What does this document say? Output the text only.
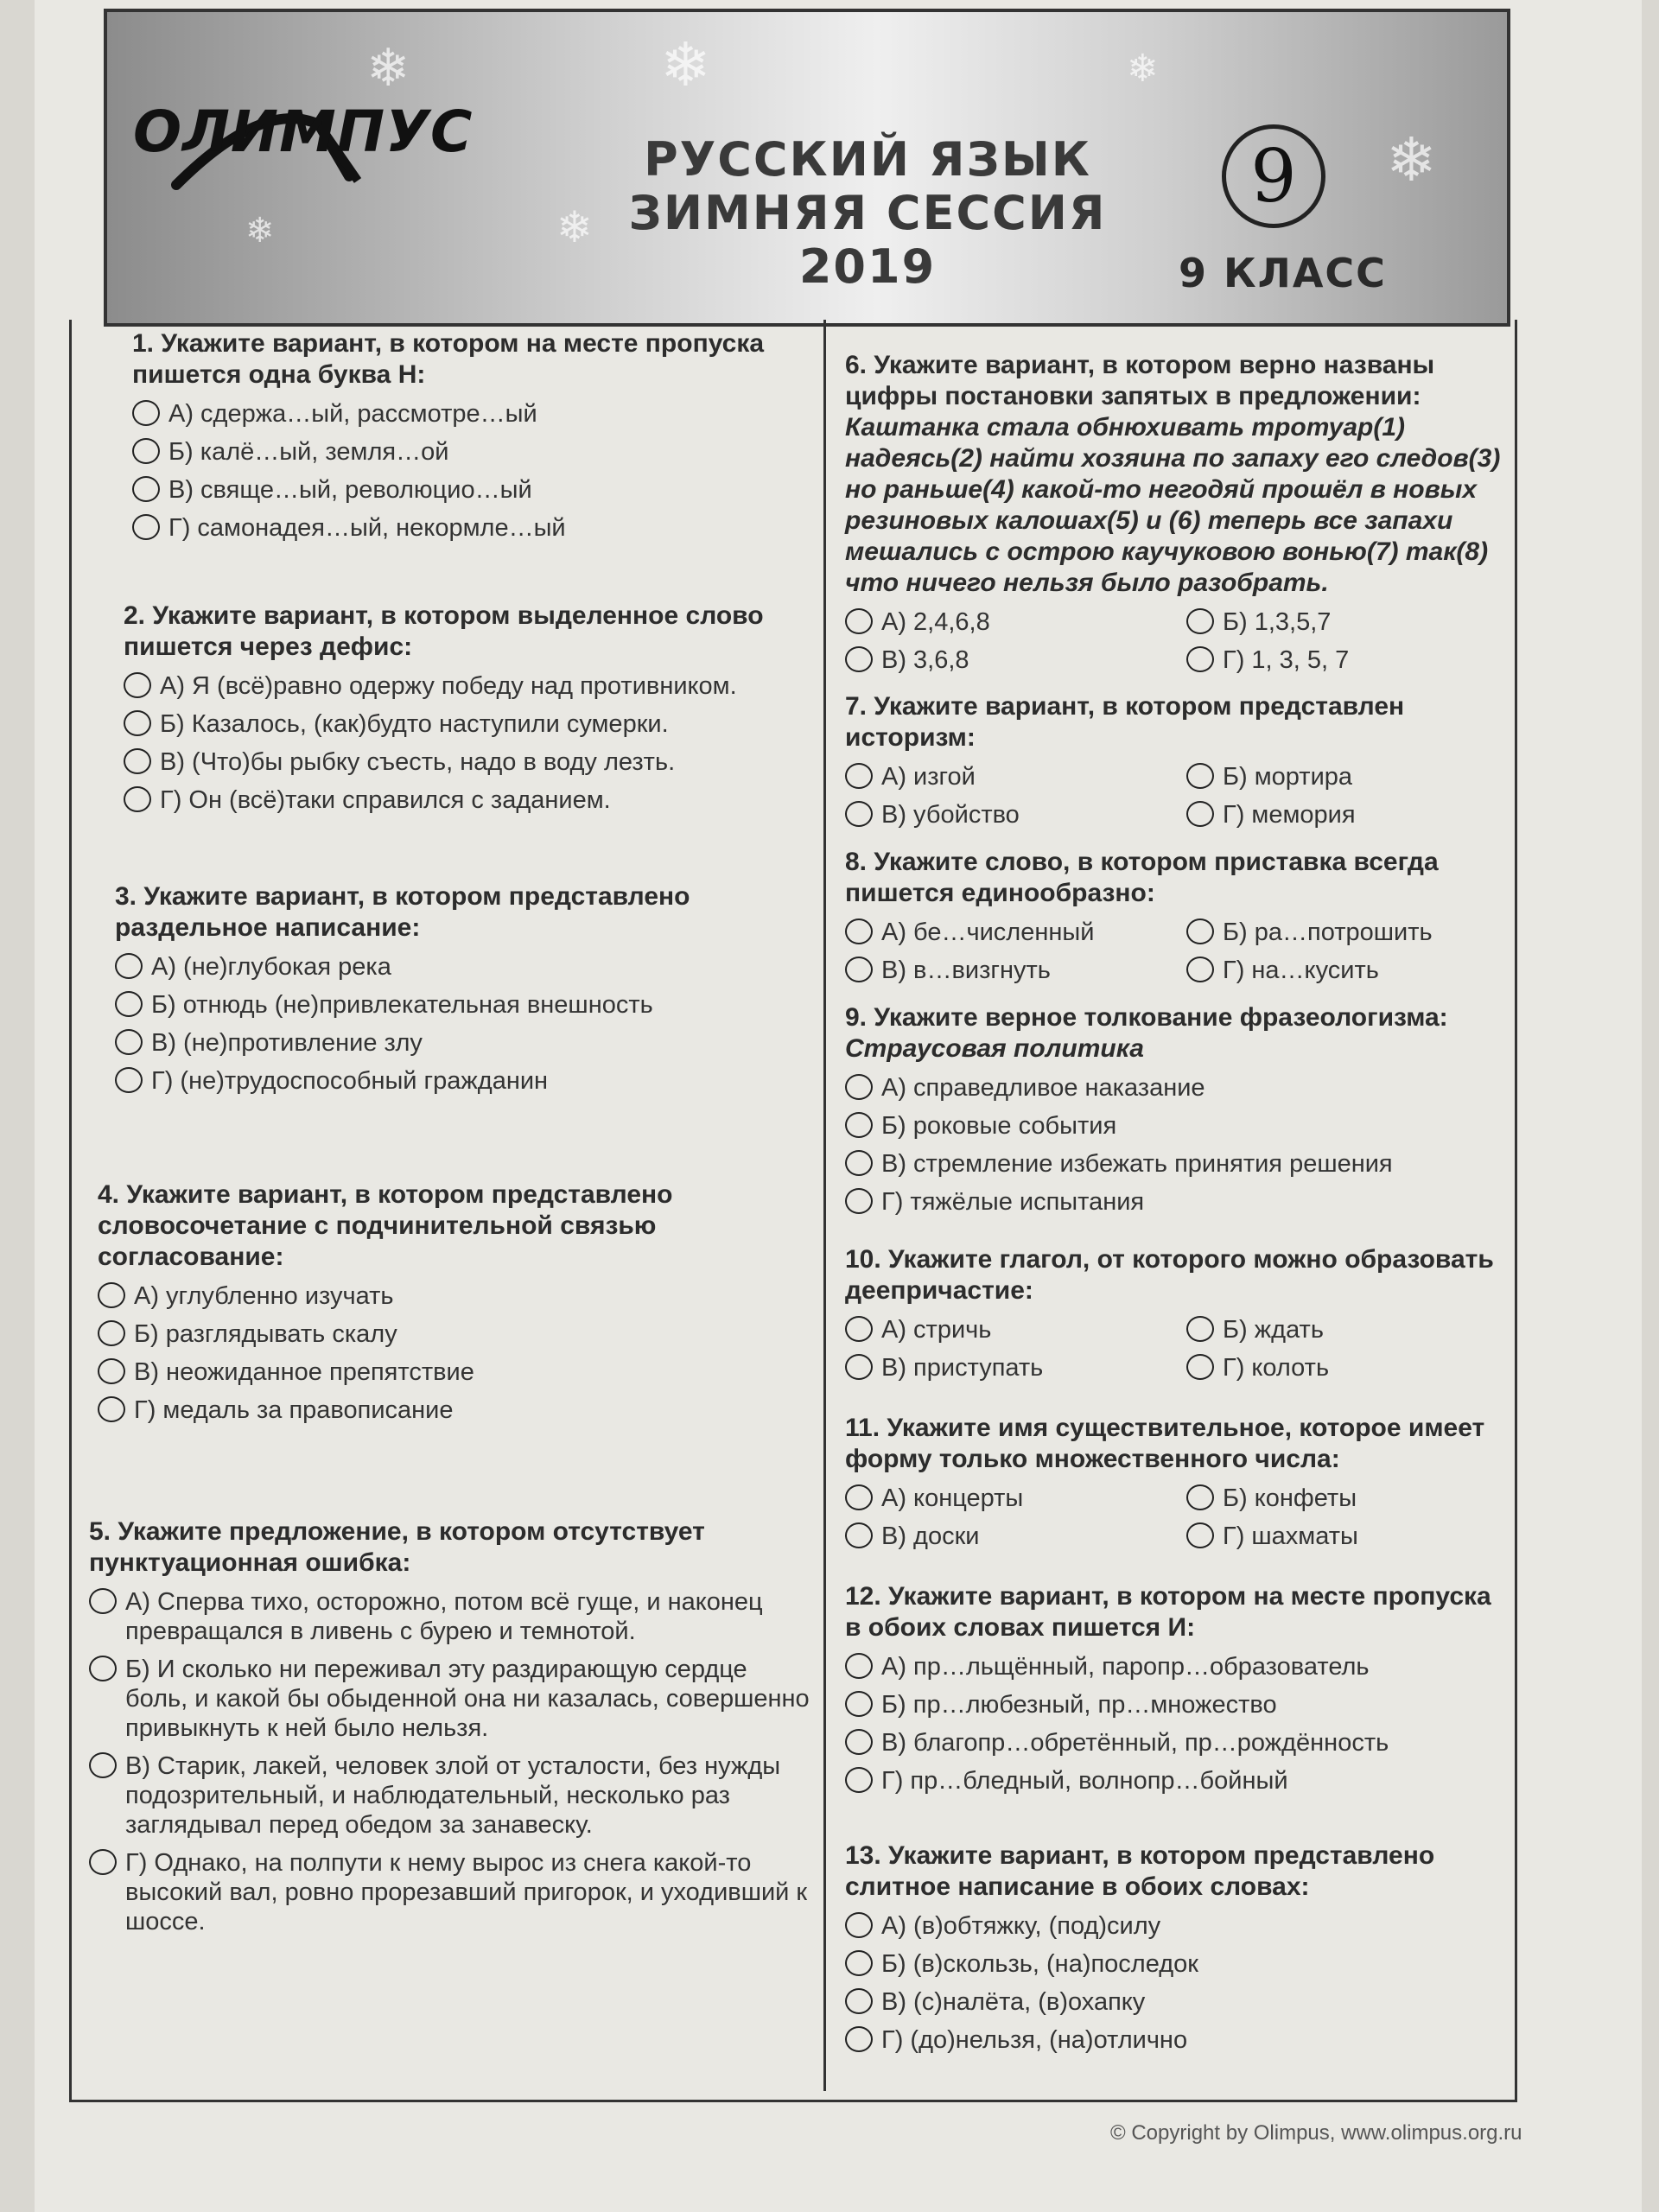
❄	❄
❄
❄
❄
❄
ОЛИМПУС	РУССКИЙ ЯЗЫК
ЗИМНЯЯ СЕССИЯ
2019
9
9 КЛАСС
1. Укажите вариант, в котором на месте пропуска пишется одна буква Н:
А) сдержа…ый, рассмотре…ый
Б) калё…ый, земля…ой
В) свяще…ый, революцио…ый
Г) самонадея…ый, некормле…ый
2. Укажите вариант, в котором выделенное слово пишется через дефис:
А) Я (всё)равно одержу победу над противником.
Б) Казалось, (как)будто наступили сумерки.
В) (Что)бы рыбку съесть, надо в воду лезть.
Г) Он (всё)таки справился с заданием.
3. Укажите вариант, в котором представлено раздельное написание:
А) (не)глубокая река
Б) отнюдь (не)привлекательная внешность
В) (не)противление злу
Г) (не)трудоспособный гражданин
4. Укажите вариант, в котором представлено словосочетание с подчинительной связью согласование:
А) углубленно изучать
Б) разглядывать скалу
В) неожиданное препятствие
Г) медаль за правописание
5. Укажите предложение, в котором отсутствует пунктуационная ошибка:
А) Сперва тихо, осторожно, потом всё гуще, и наконец превращался в ливень с бурею и темнотой.
Б) И сколько ни переживал эту раздирающую сердце боль, и какой бы обыденной она ни казалась, совершенно привыкнуть к ней было нельзя.
В) Старик, лакей, человек злой от усталости, без нужды подозрительный, и наблюдательный, несколько раз заглядывал перед обедом за занавеску.
Г) Однако, на полпути к нему вырос из снега какой-то высокий вал, ровно прорезавший пригорок, и уходивший к шоссе.
6. Укажите вариант, в котором верно названы цифры постановки запятых в предложении:
Каштанка стала обнюхивать тротуар(1) надеясь(2) найти хозяина по запаху его следов(3) но раньше(4) какой-то негодяй прошёл в новых резиновых калошах(5) и (6) теперь все запахи мешались с острою каучуковою вонью(7) так(8) что ничего нельзя было разобрать.
А) 2,4,6,8	Б) 1,3,5,7
В) 3,6,8	Г) 1, 3, 5, 7
7. Укажите вариант, в котором представлен историзм:
А) изгой	Б) мортира
В) убойство	Г) мемория
8. Укажите слово, в котором приставка всегда пишется единообразно:
А) бе…численный	Б) ра…потрошить
В) в…визгнуть	Г) на…кусить
9. Укажите верное толкование фразеологизма:
Страусовая политика
А) справедливое наказание
Б) роковые события
В) стремление избежать принятия решения
Г) тяжёлые испытания
10. Укажите глагол, от которого можно образовать деепричастие:
А) стричь	Б) ждать
В) приступать	Г) колоть
11. Укажите имя существительное, которое имеет форму только множественного числа:
А) концерты	Б) конфеты
В) доски	Г) шахматы
12. Укажите вариант, в котором на месте пропуска в обоих словах пишется И:
А) пр…льщённый, паропр…образователь
Б) пр…любезный, пр…множество
В) благопр…обретённый, пр…рождённость
Г) пр…бледный, волнопр…бойный
13. Укажите вариант, в котором представлено слитное написание в обоих словах:
А) (в)обтяжку, (под)силу
Б) (в)скользь, (на)последок
В) (с)налёта, (в)охапку
Г) (до)нельзя, (на)отлично
© Copyright by Olimpus, www.olimpus.org.ru
